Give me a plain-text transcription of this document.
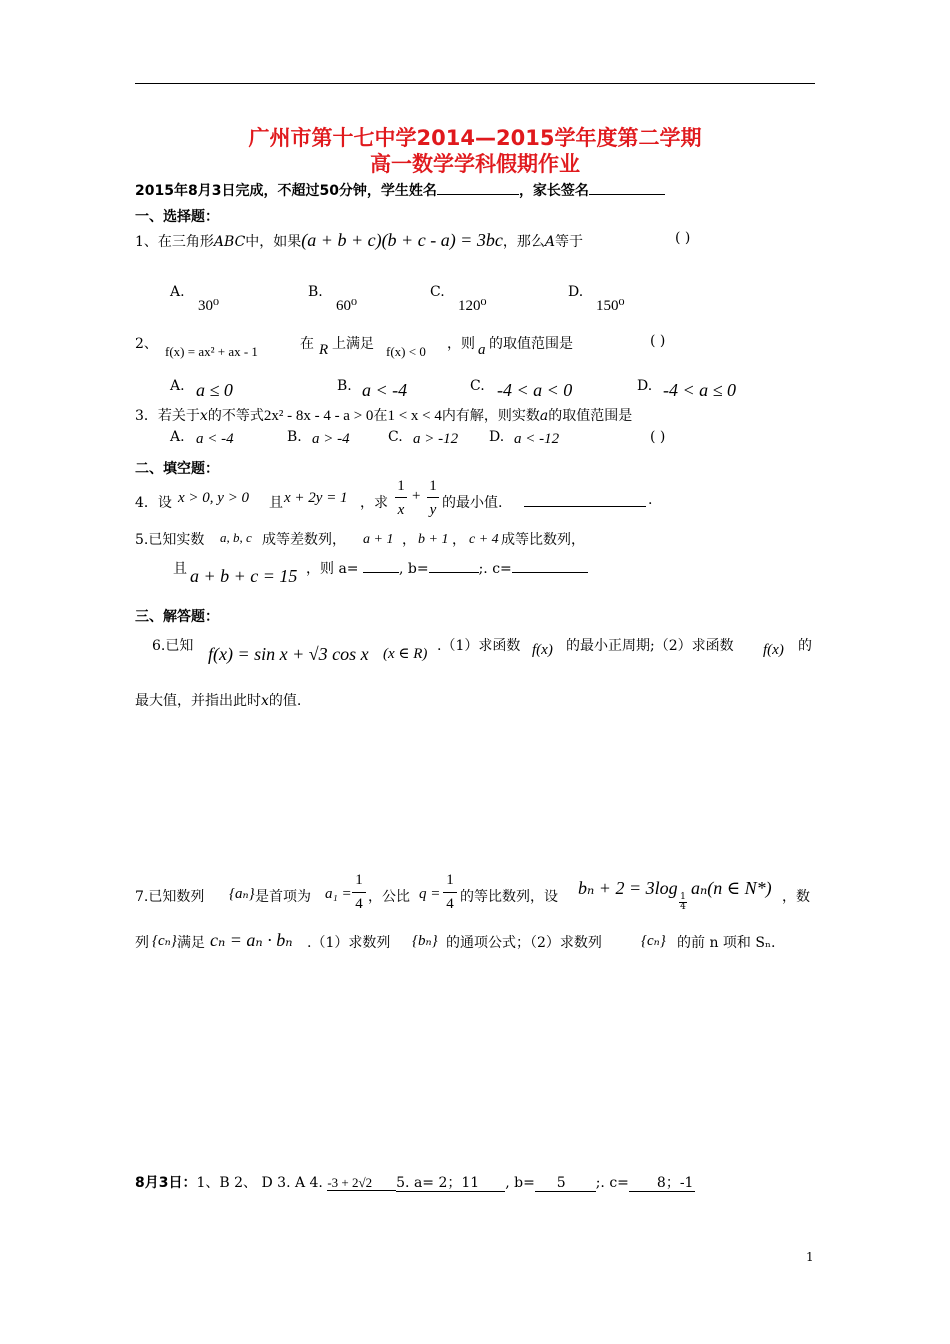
广州市第十七中学2014—2015学年度第二学期
高一数学学科假期作业
2015年8月3日完成，不超过50分钟，学生姓名	，家长签名
一、选择题：
1、在三角形ABC中，如果(a + b + c)(b + c - a) = 3bc，那么A等于	( )
A.
30⁰
B.
60⁰
C.
120⁰
D.
150⁰
2、 f(x) = ax² + ax - 1	在 R 上满足 f(x) < 0 ，则 a 的取值范围是	( )
A. a ≤ 0	B. a < -4	C. -4 < a < 0	D. -4 < a ≤ 0
3．若关于x的不等式2x² - 8x - 4 - a > 0在1 < x < 4内有解，则实数a的取值范围是
A. a < -4	B. a > -4	C. a > -12 D. a < -12	( )
二、填空题：
4．设 x > 0, y > 0 且 x + 2y = 1 ，求
1
x
+
1
y 的最小值.	.
5.已知实数 a, b, c 成等差数列， a + 1 ， b + 1 ， c + 4 成等比数列，
且 a + b + c = 15 ，则 a=	, b=	;. c=
三、解答题：
6.已知 f(x) = sin x + √3 cos x (x ∈ R) .（1）求函数 f(x) 的最小正周期;（2）求函数 f(x) 的
最大值，并指出此时x的值.
7.已知数列 {aₙ} 是首项为 a₁ =
1
4 ，公比 q =
1
4 的等比数列，设 bₙ + 2 = 3log
$\frac{1}{4}$
aₙ(n ∈ N*) ，数
列 {cₙ} 满足 cₙ = aₙ · bₙ .（1）求数列 {bₙ} 的通项公式；（2）求数列	{cₙ} 的前 n 项和 Sₙ.
8月3日：1、B 2、 D 3. A 4. -3 + 2√2 5. a= 2；11 , b= 5 ;. c= 8；-1
1
